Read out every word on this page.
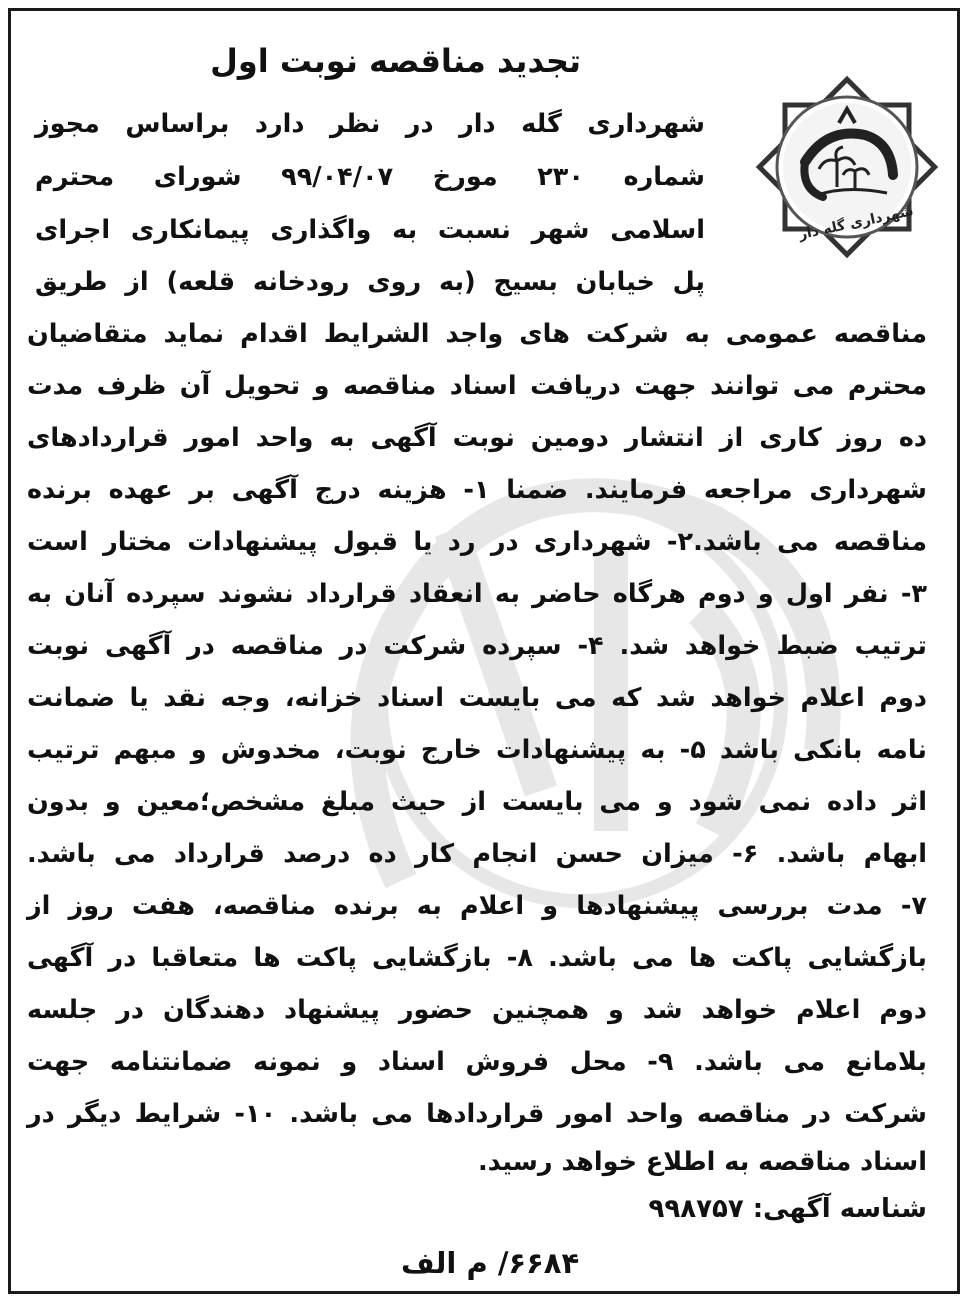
تجدید مناقصه نوبت اول
شهرداری گله دار
شهرداری گله دار در نظر دارد براساس مجوز
شماره ۲۳۰ مورخ ۹۹/۰۴/۰۷ شورای محترم
اسلامی شهر نسبت به واگذاری پیمانکاری اجرای
پل خیابان بسیج (به روی رودخانه قلعه) از طریق
مناقصه عمومی به شرکت های واجد الشرایط اقدام نماید متقاضیان
محترم می توانند جهت دریافت اسناد مناقصه و تحویل آن ظرف مدت
ده روز کاری از انتشار دومین نوبت آگهی به واحد امور قراردادهای
شهرداری مراجعه فرمایند. ضمنا ۱- هزینه درج آگهی بر عهده برنده
مناقصه می باشد.۲- شهرداری در رد یا قبول پیشنهادات مختار است
۳- نفر اول و دوم هرگاه حاضر به انعقاد قرارداد نشوند سپرده آنان به
ترتیب ضبط خواهد شد. ۴- سپرده شرکت در مناقصه در آگهی نوبت
دوم اعلام خواهد شد که می بایست اسناد خزانه، وجه نقد یا ضمانت
نامه بانکی باشد ۵- به پیشنهادات خارج نوبت، مخدوش و مبهم ترتیب
اثر داده نمی شود و می بایست از حیث مبلغ مشخص؛معین و بدون
ابهام باشد. ۶- میزان حسن انجام کار ده درصد قرارداد می باشد.
۷- مدت بررسی پیشنهادها و اعلام به برنده مناقصه، هفت روز از
بازگشایی پاکت ها می باشد. ۸- بازگشایی پاکت ها متعاقبا در آگهی
دوم اعلام خواهد شد و همچنین حضور پیشنهاد دهندگان در جلسه
بلامانع می باشد. ۹- محل فروش اسناد و نمونه ضمانتنامه جهت
شرکت در مناقصه واحد امور قراردادها می باشد. ۱۰- شرایط دیگر در
اسناد مناقصه به اطلاع خواهد رسید.
شناسه آگهی: ۹۹۸۷۵۷
۶۶۸۴/ م الف
